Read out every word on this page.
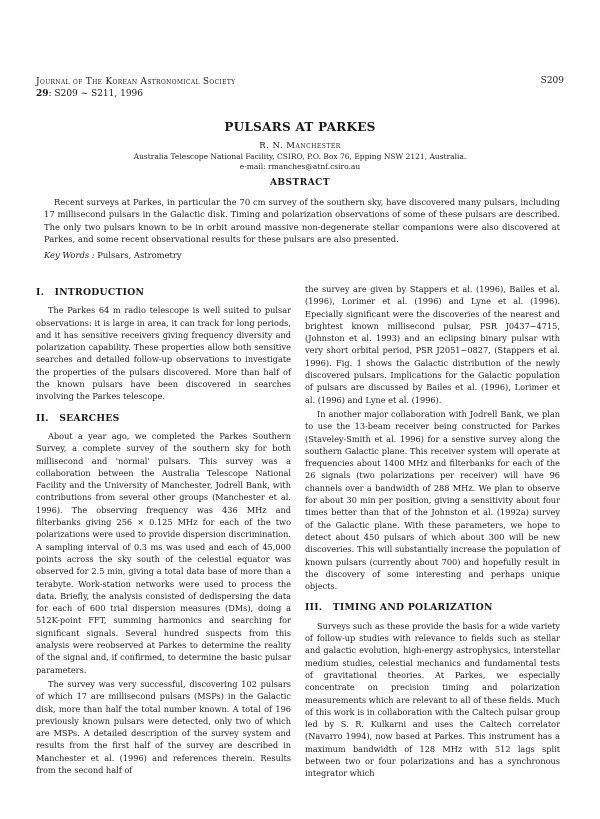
Journal of The Korean Astronomical Society
29: S209 ~ S211, 1996
S209
PULSARS AT PARKES
R. N. Manchester
Australia Telescope National Facility, CSIRO, P.O. Box 76, Epping NSW 2121, Australia.
e-mail: rmanches@atnf.csiro.au
ABSTRACT
Recent surveys at Parkes, in particular the 70 cm survey of the southern sky, have discovered many pulsars, including 17 millisecond pulsars in the Galactic disk. Timing and polarization observations of some of these pulsars are described. The only two pulsars known to be in orbit around massive non-degenerate stellar companions were also discovered at Parkes, and some recent observational results for these pulsars are also presented.
Key Words : Pulsars, Astrometry
I.   INTRODUCTION
The Parkes 64 m radio telescope is well suited to pulsar observations: it is large in area, it can track for long periods, and it has sensitive receivers giving frequency diversity and polarization capability. These properties allow both sensitive searches and detailed follow-up observations to investigate the properties of the pulsars discovered. More than half of the known pulsars have been discovered in searches involving the Parkes telescope.
II.   SEARCHES
About a year ago, we completed the Parkes Southern Survey, a complete survey of the southern sky for both millisecond and 'normal' pulsars. This survey was a collaboration between the Australia Telescope National Facility and the University of Manchester, Jodrell Bank, with contributions from several other groups (Manchester et al. 1996). The observing frequency was 436 MHz and filterbanks giving 256 × 0.125 MHz for each of the two polarizations were used to provide dispersion discrimination. A sampling interval of 0.3 ms was used and each of 45,000 points across the sky south of the celestial equator was observed for 2.5 min, giving a total data base of more than a terabyte. Work-station networks were used to process the data. Briefly, the analysis consisted of dedispersing the data for each of 600 trial dispersion measures (DMs), doing a 512K-point FFT, summing harmonics and searching for significant signals. Several hundred suspects from this analysis were reobserved at Parkes to determine the reality of the signal and, if confirmed, to determine the basic pulsar parameters.
The survey was very successful, discovering 102 pulsars of which 17 are millisecond pulsars (MSPs) in the Galactic disk, more than half the total number known. A total of 196 previously known pulsars were detected, only two of which are MSPs. A detailed description of the survey system and results from the first half of the survey are described in Manchester et al. (1996) and references therein. Results from the second half of
the survey are given by Stappers et al. (1996), Bailes et al. (1996), Lorimer et al. (1996) and Lyne et al. (1996). Epecially significant were the discoveries of the nearest and brightest known millisecond pulsar, PSR J0437−4715, (Johnston et al. 1993) and an eclipsing binary pulsar with very short orbital period, PSR J2051−0827, (Stappers et al. 1996). Fig. 1 shows the Galactic distribution of the newly discovered pulsars. Implications for the Galactic population of pulsars are discussed by Bailes et al. (1996), Lorimer et al. (1996) and Lyne et al. (1996).
In another major collaboration with Jodrell Bank, we plan to use the 13-beam receiver being constructed for Parkes (Staveley-Smith et al. 1996) for a senstive survey along the southern Galactic plane. This receiver system will operate at frequencies about 1400 MHz and filterbanks for each of the 26 signals (two polarizations per receiver) will have 96 channels over a bandwidth of 288 MHz. We plan to observe for about 30 min per position, giving a sensitivity about four times better than that of the Johnston et al. (1992a) survey of the Galactic plane. With these parameters, we hope to detect about 450 pulsars of which about 300 will be new discoveries. This will substantially increase the population of known pulsars (currently about 700) and hopefully result in the discovery of some interesting and perhaps unique objects.
III.   TIMING AND POLARIZATION
Surveys such as these provide the basis for a wide variety of follow-up studies with relevance to fields such as stellar and galactic evolution, high-energy astrophysics, interstellar medium studies, celestial mechanics and fundamental tests of gravitational theories. At Parkes, we especially concentrate on precision timing and polarization measurements which are relevant to all of these fields. Much of this work is in collaboration with the Caltech pulsar group led by S. R. Kulkarni and uses the Caltech correlator (Navarro 1994), now based at Parkes. This instrument has a maximum bandwidth of 128 MHz with 512 lags split between two or four polarizations and has a synchronous integrator which
